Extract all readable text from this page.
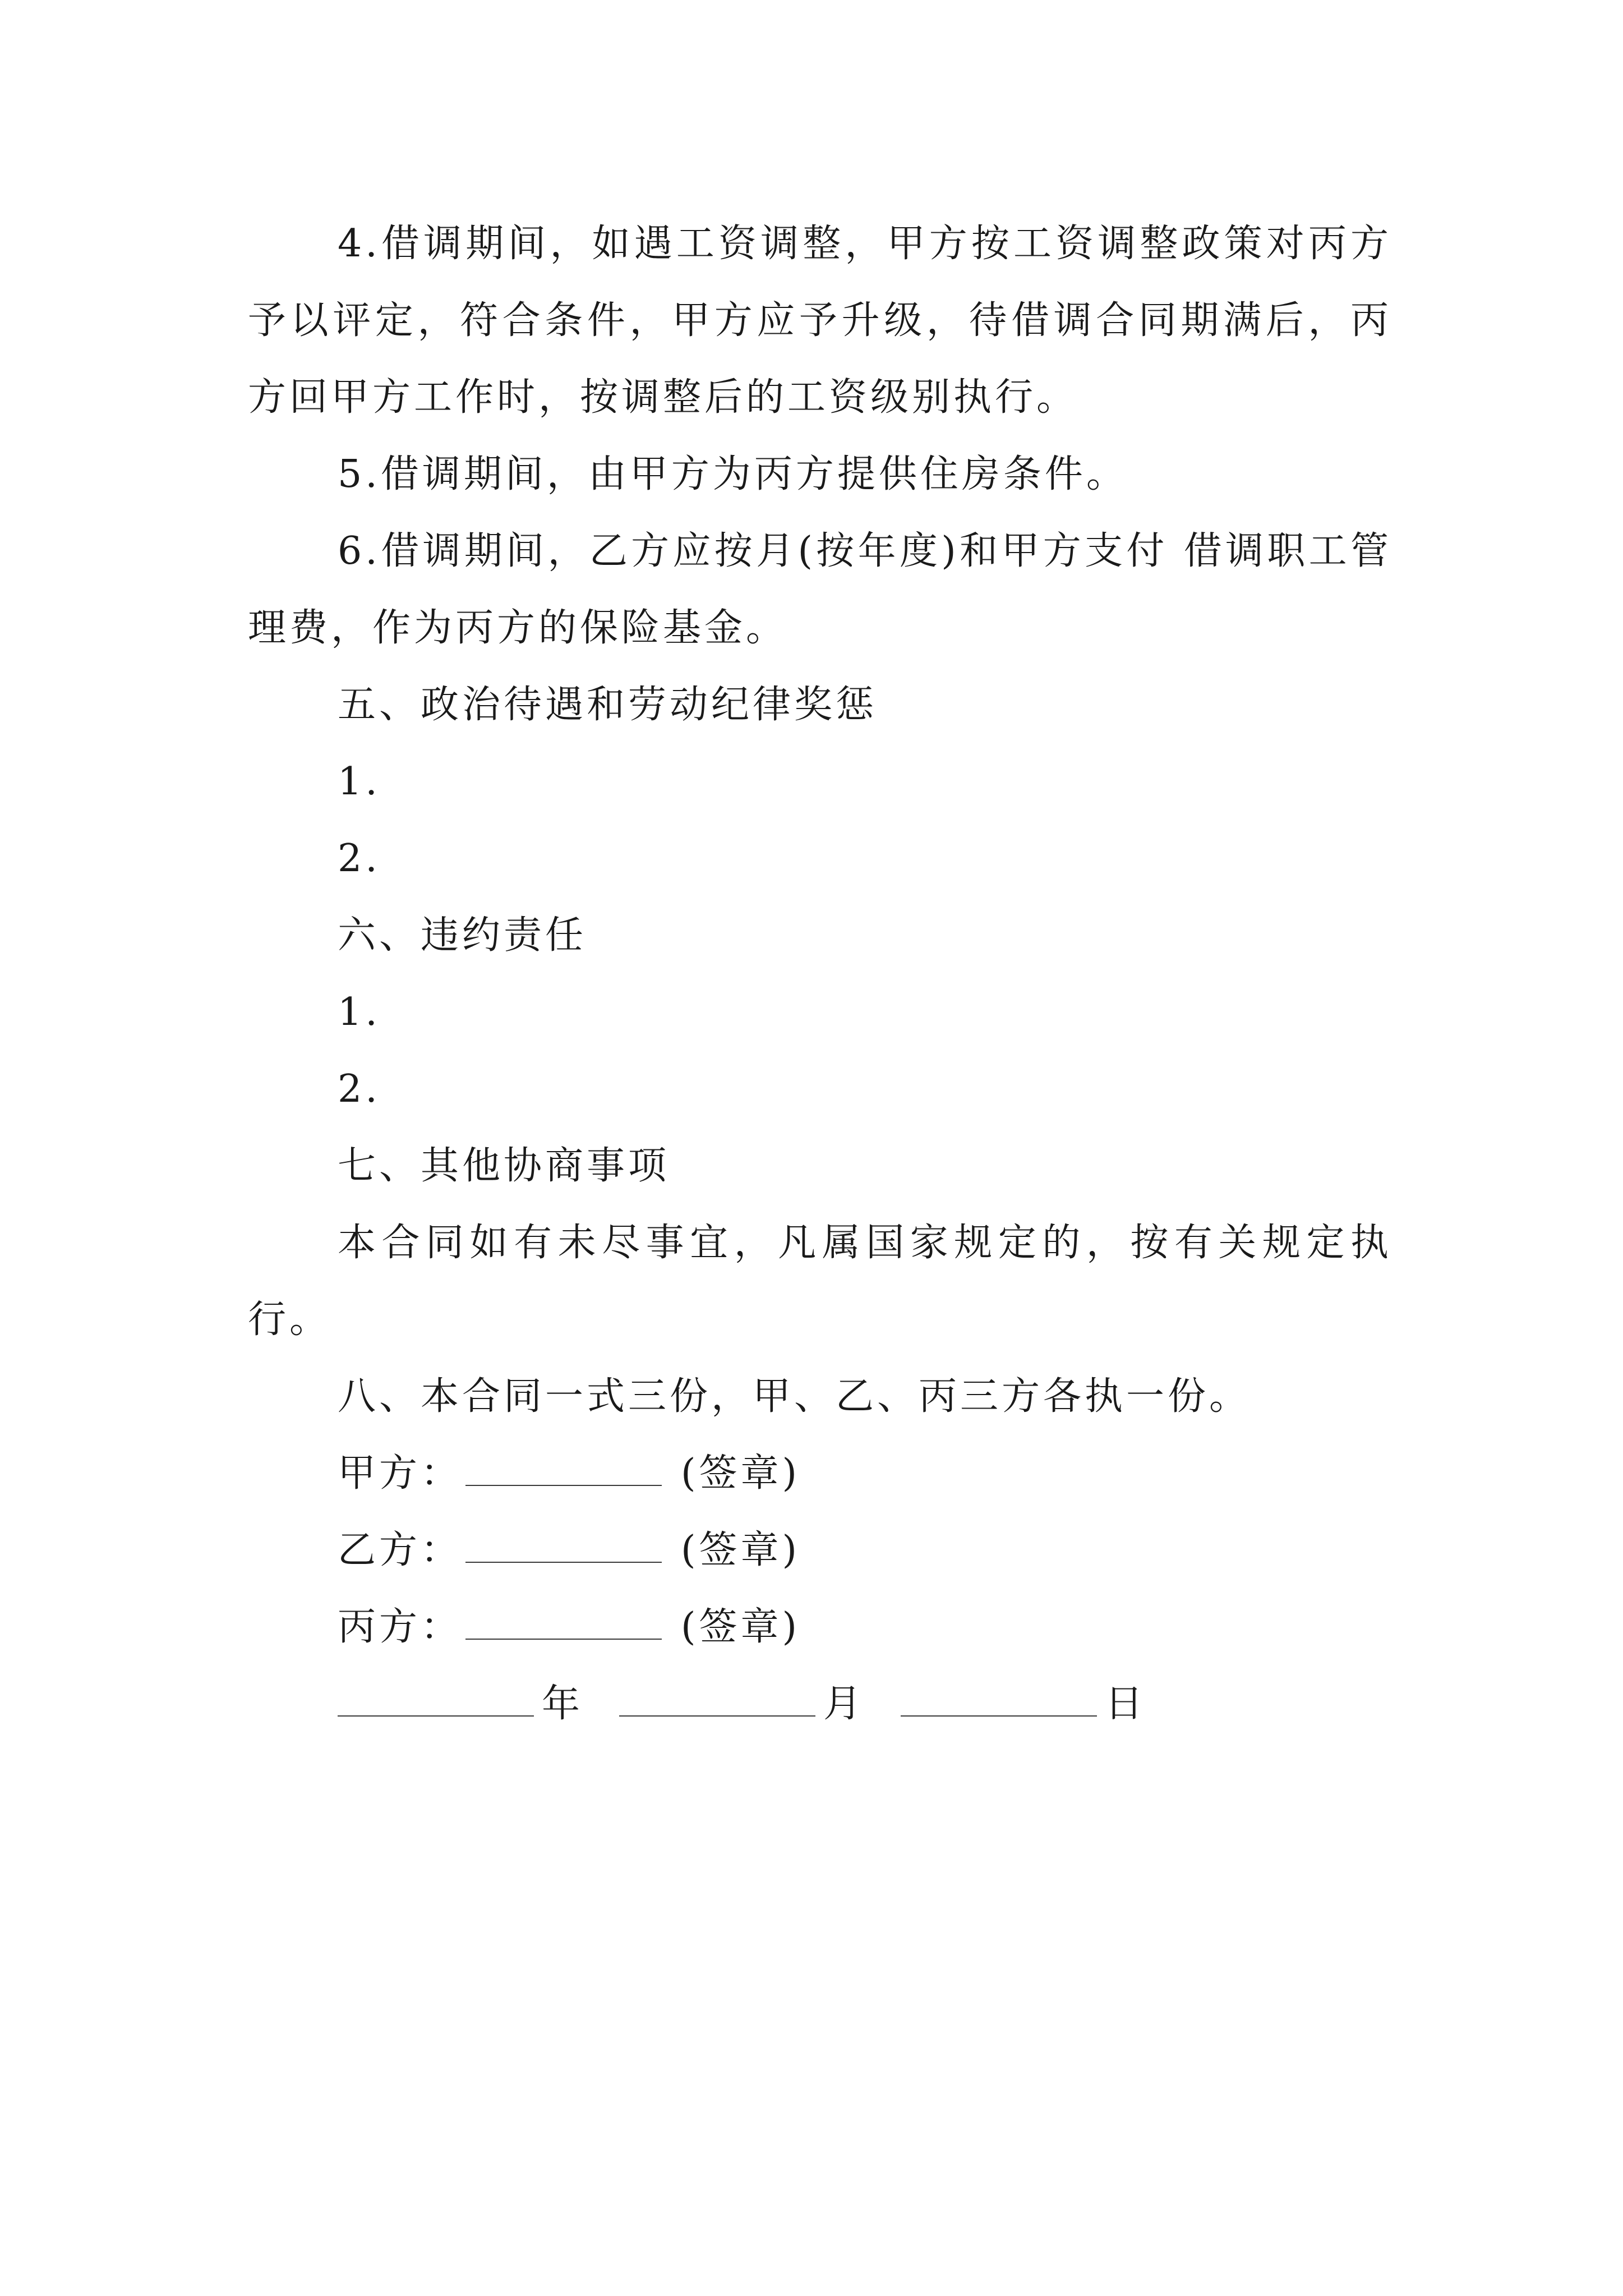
4.借调期间，如遇工资调整，甲方按工资调整政策对丙方予以评定，符合条件，甲方应予升级，待借调合同期满后，丙方回甲方工作时，按调整后的工资级别执行。

5.借调期间，由甲方为丙方提供住房条件。

6.借调期间，乙方应按月(按年度)和甲方支付 借调职工管理费，作为丙方的保险基金。

五、政治待遇和劳动纪律奖惩

1.

2.

六、违约责任

1.

2.

七、其他协商事项

本合同如有未尽事宜，凡属国家规定的，按有关规定执行。

八、本合同一式三份，甲、乙、丙三方各执一份。

甲方：	(签章)

乙方：	(签章)

丙方：	(签章)

年	月	日
